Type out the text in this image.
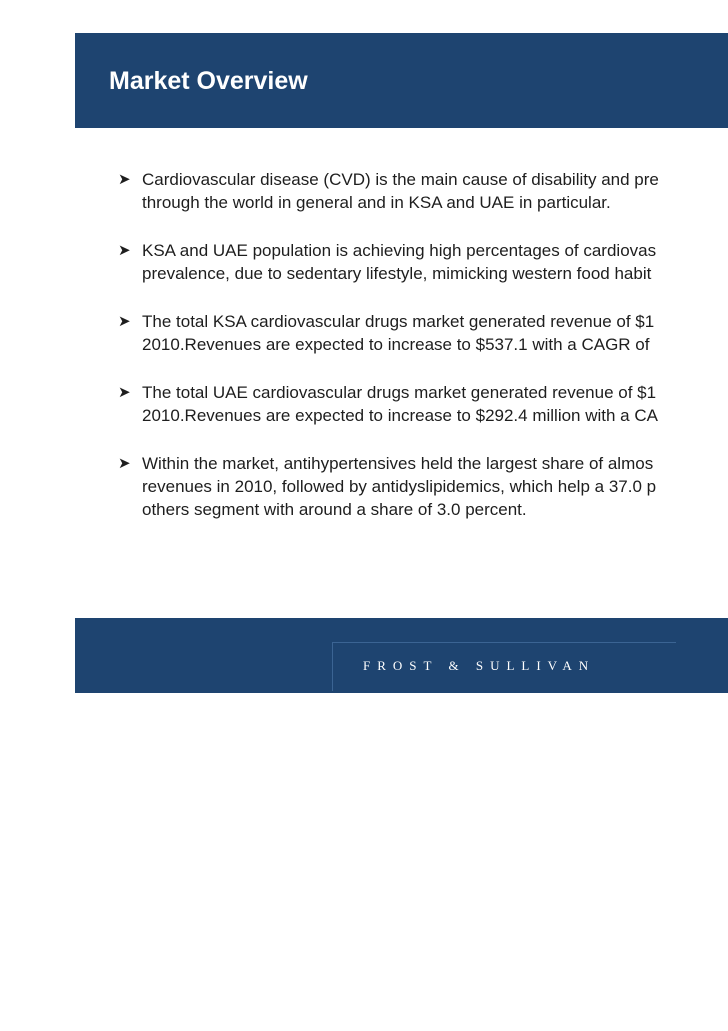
Market Overview
➤ Cardiovascular disease (CVD) is the main cause of disability and pre
through the world in general and in KSA and UAE in particular.
➤ KSA and UAE population is achieving high percentages of cardiovas
prevalence, due to sedentary lifestyle, mimicking western food habit
➤ The total KSA cardiovascular drugs market generated revenue of $1
2010.Revenues are expected to increase to $537.1 with a CAGR of
➤ The total UAE cardiovascular drugs market generated revenue of $1
2010.Revenues are expected to increase to $292.4 million with a CA
➤ Within the market, antihypertensives held the largest share of almos
revenues in 2010, followed by antidyslipidemics, which help a 37.0 p
others segment with around a share of 3.0 percent.
FROST & SULLIVAN
